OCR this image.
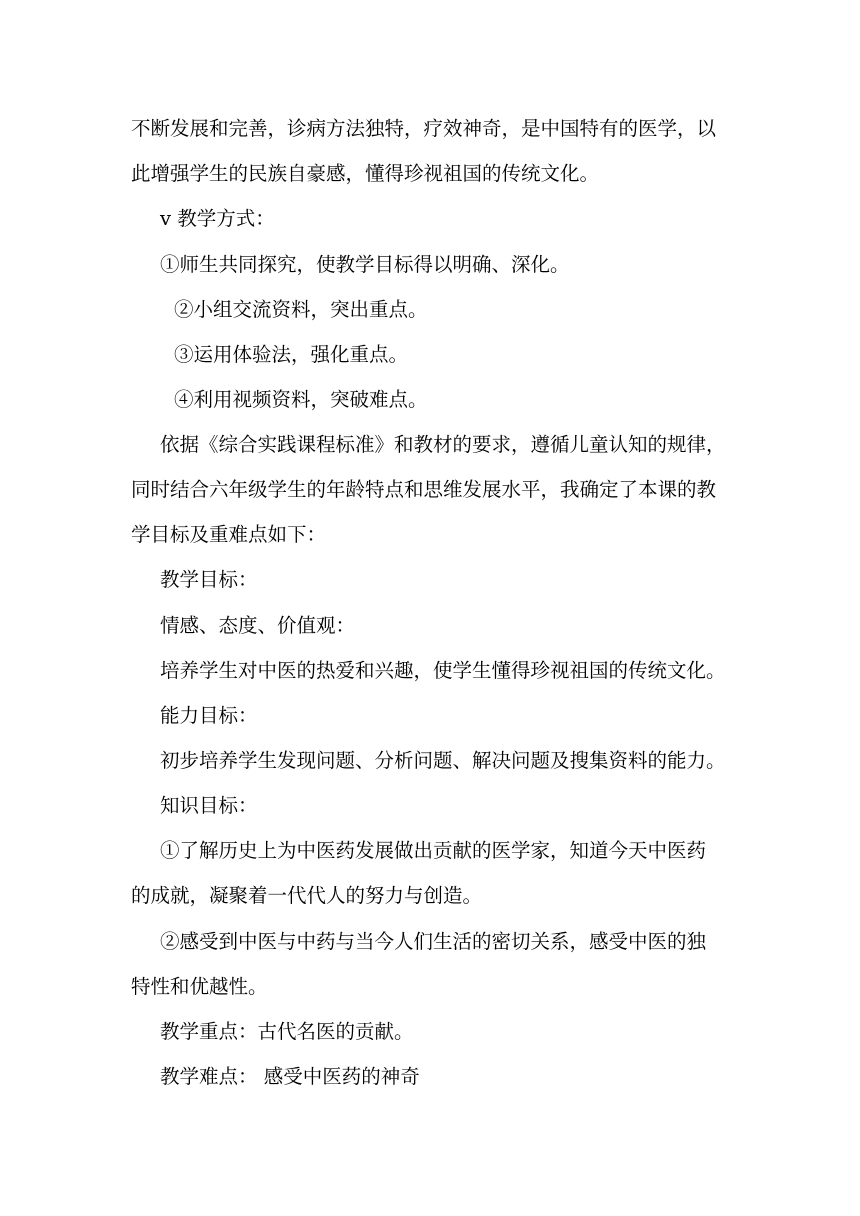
不断发展和完善，诊病方法独特，疗效神奇，是中国特有的医学，以

此增强学生的民族自豪感，懂得珍视祖国的传统文化。

v 教学方式：

①师生共同探究，使教学目标得以明确、深化。

②小组交流资料，突出重点。

③运用体验法，强化重点。

④利用视频资料，突破难点。

依据《综合实践课程标准》和教材的要求，遵循儿童认知的规律，

同时结合六年级学生的年龄特点和思维发展水平，我确定了本课的教

学目标及重难点如下：

教学目标：

情感、态度、价值观：

培养学生对中医的热爱和兴趣，使学生懂得珍视祖国的传统文化。

能力目标：

初步培养学生发现问题、分析问题、解决问题及搜集资料的能力。

知识目标：

①了解历史上为中医药发展做出贡献的医学家，知道今天中医药

的成就，凝聚着一代代人的努力与创造。

②感受到中医与中药与当今人们生活的密切关系，感受中医的独

特性和优越性。

教学重点：古代名医的贡献。

教学难点： 感受中医药的神奇
